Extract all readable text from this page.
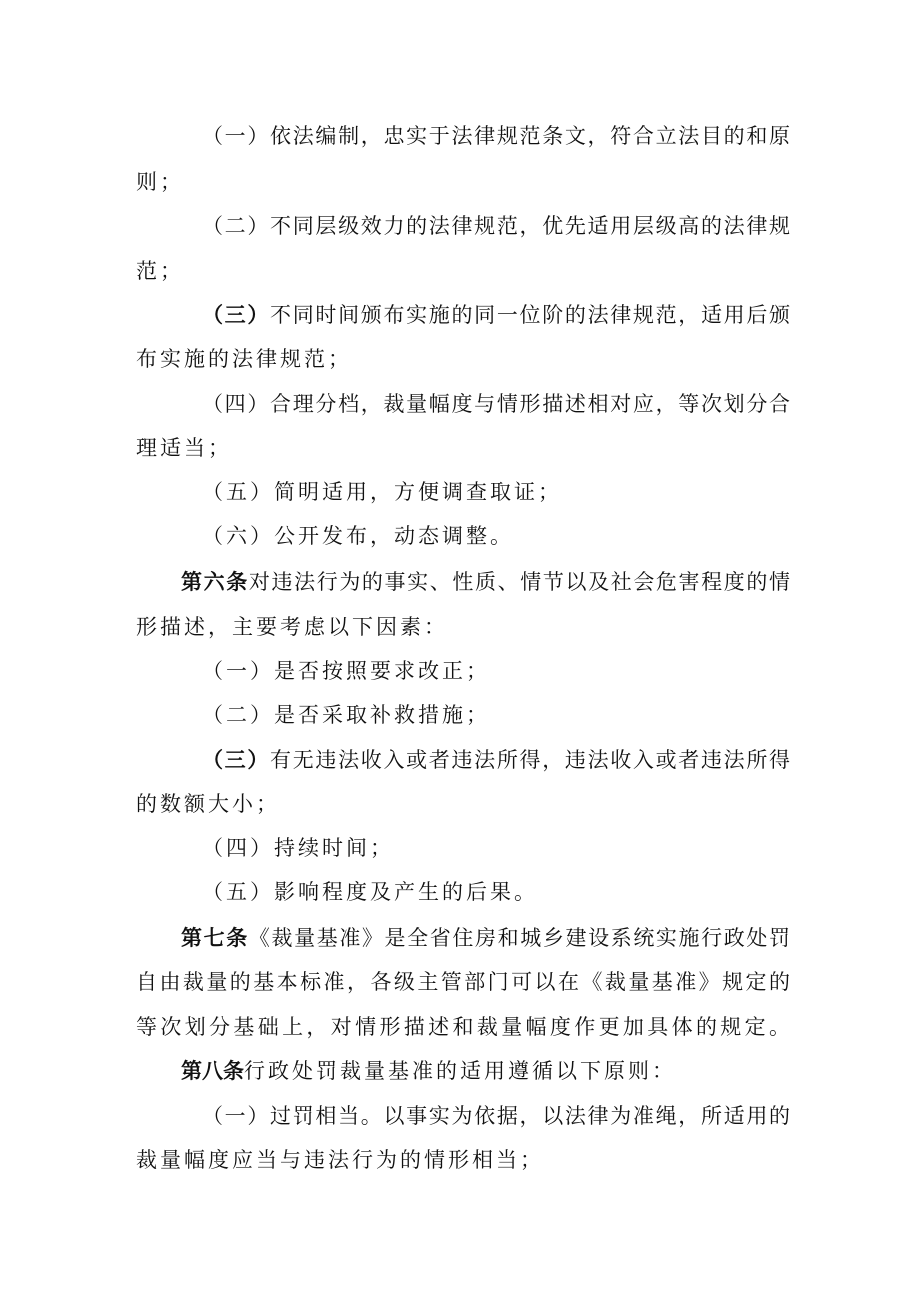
（一）依法编制，忠实于法律规范条文，符合立法目的和原
则；
（二）不同层级效力的法律规范，优先适用层级高的法律规
范；
（三）不同时间颁布实施的同一位阶的法律规范，适用后颁
布实施的法律规范；
（四）合理分档，裁量幅度与情形描述相对应，等次划分合
理适当；
（五）简明适用，方便调查取证；
（六）公开发布，动态调整。
第六条对违法行为的事实、性质、情节以及社会危害程度的情
形描述，主要考虑以下因素：
（一）是否按照要求改正；
（二）是否采取补救措施；
（三）有无违法收入或者违法所得，违法收入或者违法所得
的数额大小；
（四）持续时间；
（五）影响程度及产生的后果。
第七条《裁量基准》是全省住房和城乡建设系统实施行政处罚
自由裁量的基本标准，各级主管部门可以在《裁量基准》规定的
等次划分基础上，对情形描述和裁量幅度作更加具体的规定。
第八条行政处罚裁量基准的适用遵循以下原则：
（一）过罚相当。以事实为依据，以法律为准绳，所适用的
裁量幅度应当与违法行为的情形相当；
